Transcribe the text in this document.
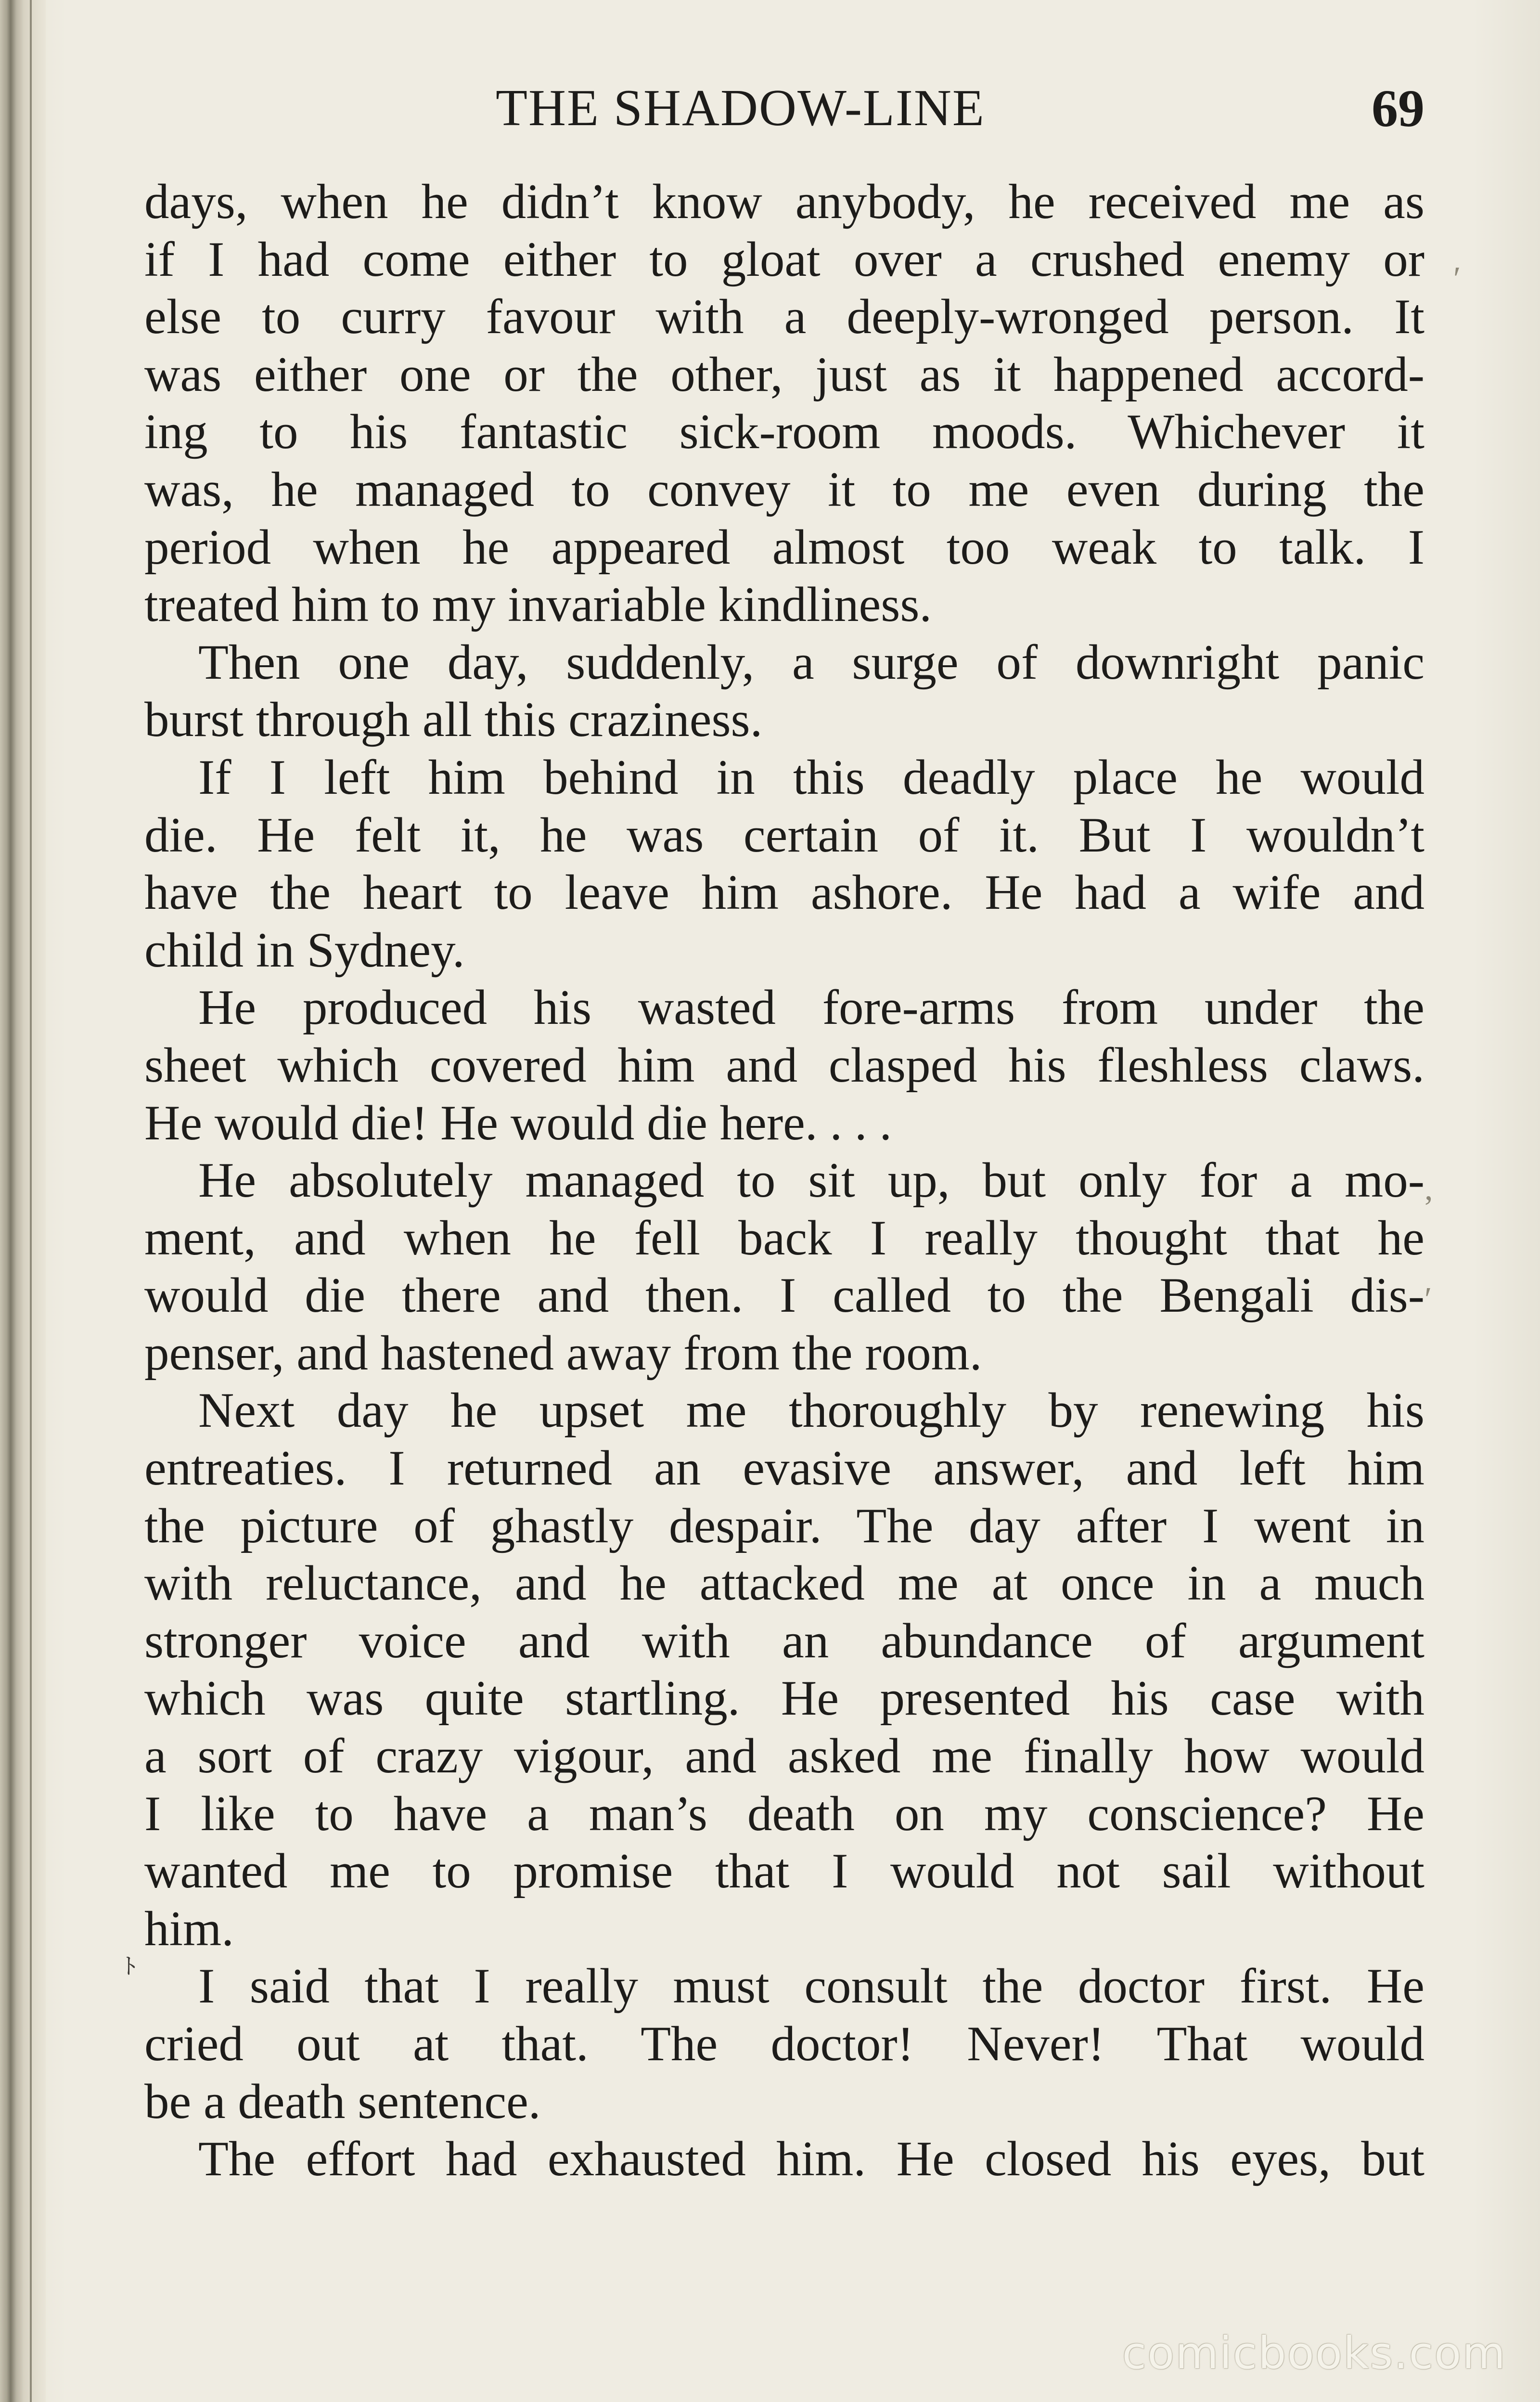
THE SHADOW-LINE	69
days, when he didn’t know anybody, he received me as
if I had come either to gloat over a crushed enemy or
else to curry favour with a deeply-wronged person. It
was either one or the other, just as it happened accord-
ing to his fantastic sick-room moods. Whichever it
was, he managed to convey it to me even during the
period when he appeared almost too weak to talk. I
treated him to my invariable kindliness.
Then one day, suddenly, a surge of downright panic
burst through all this craziness.
If I left him behind in this deadly place he would
die. He felt it, he was certain of it. But I wouldn’t
have the heart to leave him ashore. He had a wife and
child in Sydney.
He produced his wasted fore-arms from under the
sheet which covered him and clasped his fleshless claws.
He would die! He would die here. . . .
He absolutely managed to sit up, but only for a mo-
ment, and when he fell back I really thought that he
would die there and then. I called to the Bengali dis-
penser, and hastened away from the room.
Next day he upset me thoroughly by renewing his
entreaties. I returned an evasive answer, and left him
the picture of ghastly despair. The day after I went in
with reluctance, and he attacked me at once in a much
stronger voice and with an abundance of argument
which was quite startling. He presented his case with
a sort of crazy vigour, and asked me finally how would
I like to have a man’s death on my conscience? He
wanted me to promise that I would not sail without
him.
I said that I really must consult the doctor first. He
cried out at that. The doctor! Never! That would
be a death sentence.
The effort had exhausted him. He closed his eyes, but
ﾄ
′
,
′
comicbooks.com
